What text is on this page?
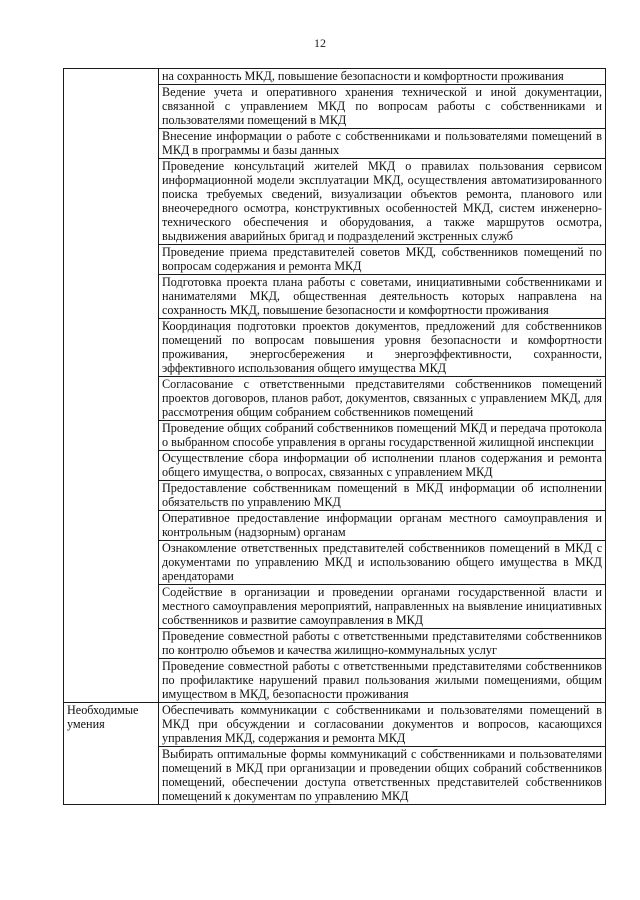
12
	на сохранность МКД, повышение безопасности и комфортности проживания
	Ведение учета и оперативного хранения технической и иной документации, связанной с управлением МКД по вопросам работы с собственниками и пользователями помещений в МКД
	Внесение информации о работе с собственниками и пользователями помещений в МКД в программы и базы данных
	Проведение консультаций жителей МКД о правилах пользования сервисом информационной модели эксплуатации МКД, осуществления автоматизированного поиска требуемых сведений, визуализации объектов ремонта, планового или внеочередного осмотра, конструктивных особенностей МКД, систем инженерно-технического обеспечения и оборудования, а также маршрутов осмотра, выдвижения аварийных бригад и подразделений экстренных служб
	Проведение приема представителей советов МКД, собственников помещений по вопросам содержания и ремонта МКД
	Подготовка проекта плана работы с советами, инициативными собственниками и нанимателями МКД, общественная деятельность которых направлена на сохранность МКД, повышение безопасности и комфортности проживания
	Координация подготовки проектов документов, предложений для собственников помещений по вопросам повышения уровня безопасности и комфортности проживания, энергосбережения и энергоэффективности, сохранности, эффективного использования общего имущества МКД
	Согласование с ответственными представителями собственников помещений проектов договоров, планов работ, документов, связанных с управлением МКД, для рассмотрения общим собранием собственников помещений
	Проведение общих собраний собственников помещений МКД и передача протокола о выбранном способе управления в органы государственной жилищной инспекции
	Осуществление сбора информации об исполнении планов содержания и ремонта общего имущества, о вопросах, связанных с управлением МКД
	Предоставление собственникам помещений в МКД информации об исполнении обязательств по управлению МКД
	Оперативное предоставление информации органам местного самоуправления и контрольным (надзорным) органам
	Ознакомление ответственных представителей собственников помещений в МКД с документами по управлению МКД и использованию общего имущества в МКД арендаторами
	Содействие в организации и проведении органами государственной власти и местного самоуправления мероприятий, направленных на выявление инициативных собственников и развитие самоуправления в МКД
	Проведение совместной работы с ответственными представителями собственников по контролю объемов и качества жилищно-коммунальных услуг
	Проведение совместной работы с ответственными представителями собственников по профилактике нарушений правил пользования жилыми помещениями, общим имуществом в МКД, безопасности проживания
Необходимые умения	Обеспечивать коммуникации с собственниками и пользователями помещений в МКД при обсуждении и согласовании документов и вопросов, касающихся управления МКД, содержания и ремонта МКД
	Выбирать оптимальные формы коммуникаций с собственниками и пользователями помещений в МКД при организации и проведении общих собраний собственников помещений, обеспечении доступа ответственных представителей собственников помещений к документам по управлению МКД
